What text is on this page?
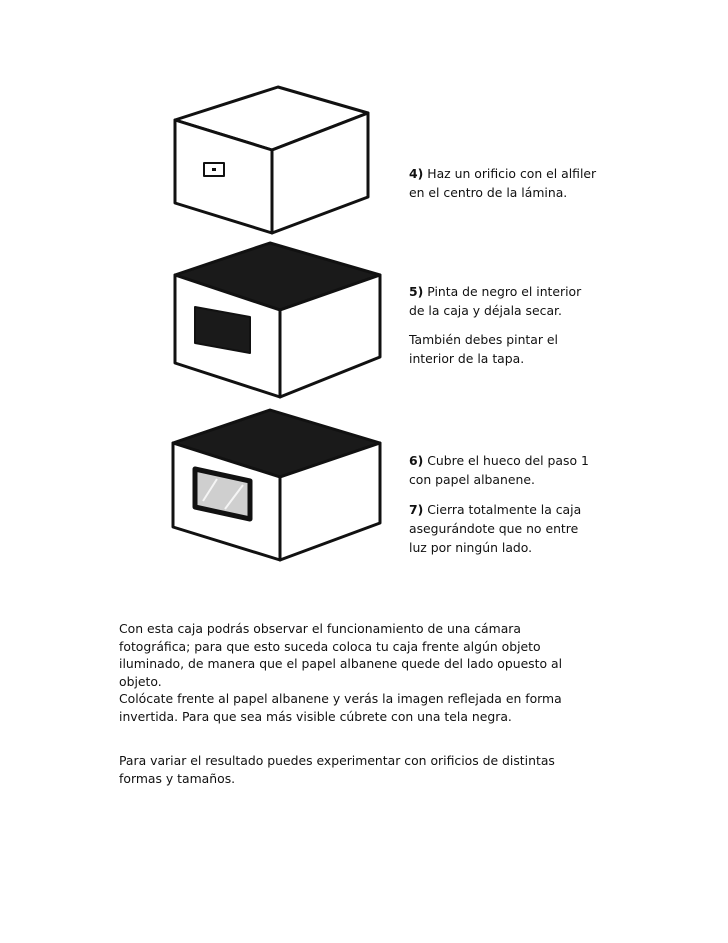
4) Haz un orificio con el alfiler en el centro de la lámina.

5) Pinta de negro el interior de la caja y déjala secar.

También debes pintar el interior de la tapa.

6) Cubre el hueco del paso 1 con papel albanene.

7) Cierra totalmente la caja asegurándote que no entre luz por ningún lado.

Con esta caja podrás observar el funcionamiento de una cámara fotográfica; para que esto suceda coloca tu caja frente algún objeto iluminado, de manera que el papel albanene quede del lado opuesto al objeto.

Colócate frente al papel albanene y verás la imagen reflejada en forma invertida. Para que sea más visible cúbrete con una tela negra.

Para variar el resultado puedes experimentar con orificios de distintas formas y tamaños.
